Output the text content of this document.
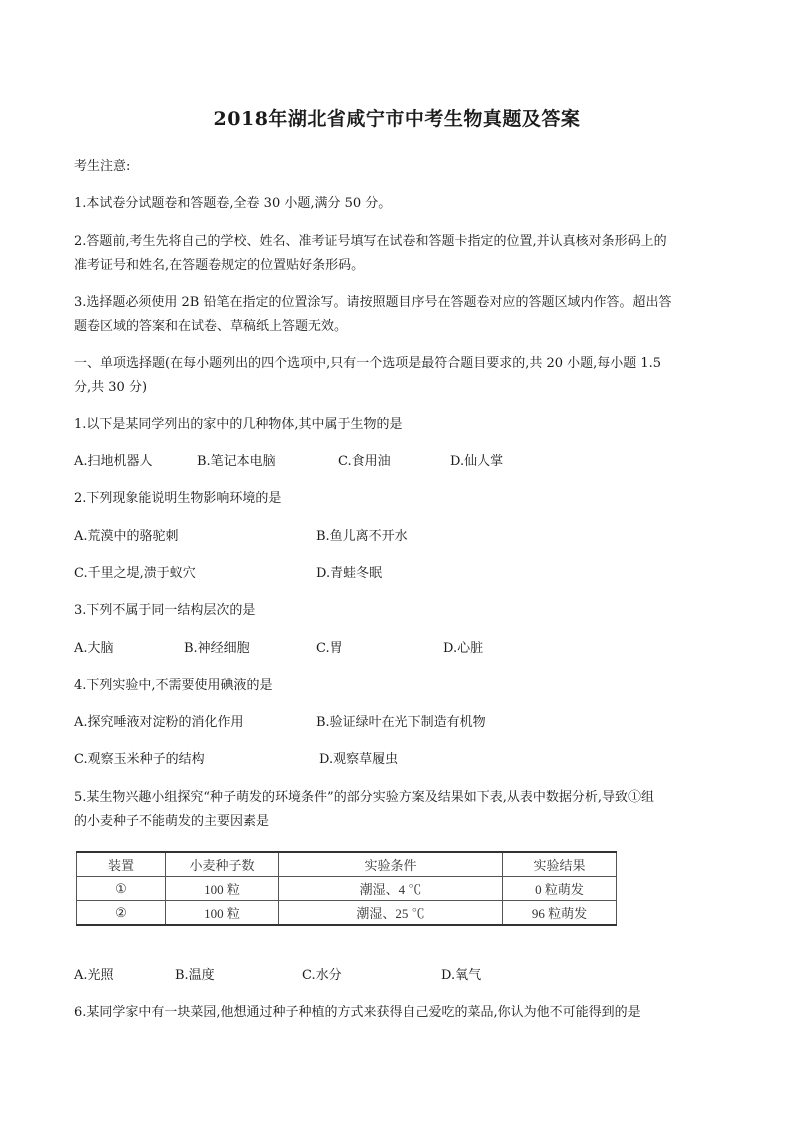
2018年湖北省咸宁市中考生物真题及答案
考生注意:
1.本试卷分试题卷和答题卷,全卷 30 小题,满分 50 分。
2.答题前,考生先将自己的学校、姓名、准考证号填写在试卷和答题卡指定的位置,并认真核对条形码上的
准考证号和姓名,在答题卷规定的位置贴好条形码。
3.选择题必须使用 2B 铅笔在指定的位置涂写。请按照题目序号在答题卷对应的答题区域内作答。超出答
题卷区域的答案和在试卷、草稿纸上答题无效。
一、单项选择题(在每小题列出的四个选项中,只有一个选项是最符合题目要求的,共 20 小题,每小题 1.5
分,共 30 分)
1.以下是某同学列出的家中的几种物体,其中属于生物的是
A.扫地机器人	B.笔记本电脑	C.食用油	D.仙人掌
2.下列现象能说明生物影响环境的是
A.荒漠中的骆驼刺	B.鱼儿离不开水
C.千里之堤,溃于蚁穴	D.青蛙冬眠
3.下列不属于同一结构层次的是
A.大脑	B.神经细胞	C.胃	D.心脏
4.下列实验中,不需要使用碘液的是
A.探究唾液对淀粉的消化作用	B.验证绿叶在光下制造有机物
C.观察玉米种子的结构	D.观察草履虫
5.某生物兴趣小组探究“种子萌发的环境条件”的部分实验方案及结果如下表,从表中数据分析,导致①组
的小麦种子不能萌发的主要因素是
装置	小麦种子数	实验条件	实验结果
①	100 粒	潮湿、4 ℃	0 粒萌发
②	100 粒	潮湿、25 ℃	96 粒萌发
A.光照	B.温度	C.水分	D.氧气
6.某同学家中有一块菜园,他想通过种子种植的方式来获得自己爱吃的菜品,你认为他不可能得到的是
